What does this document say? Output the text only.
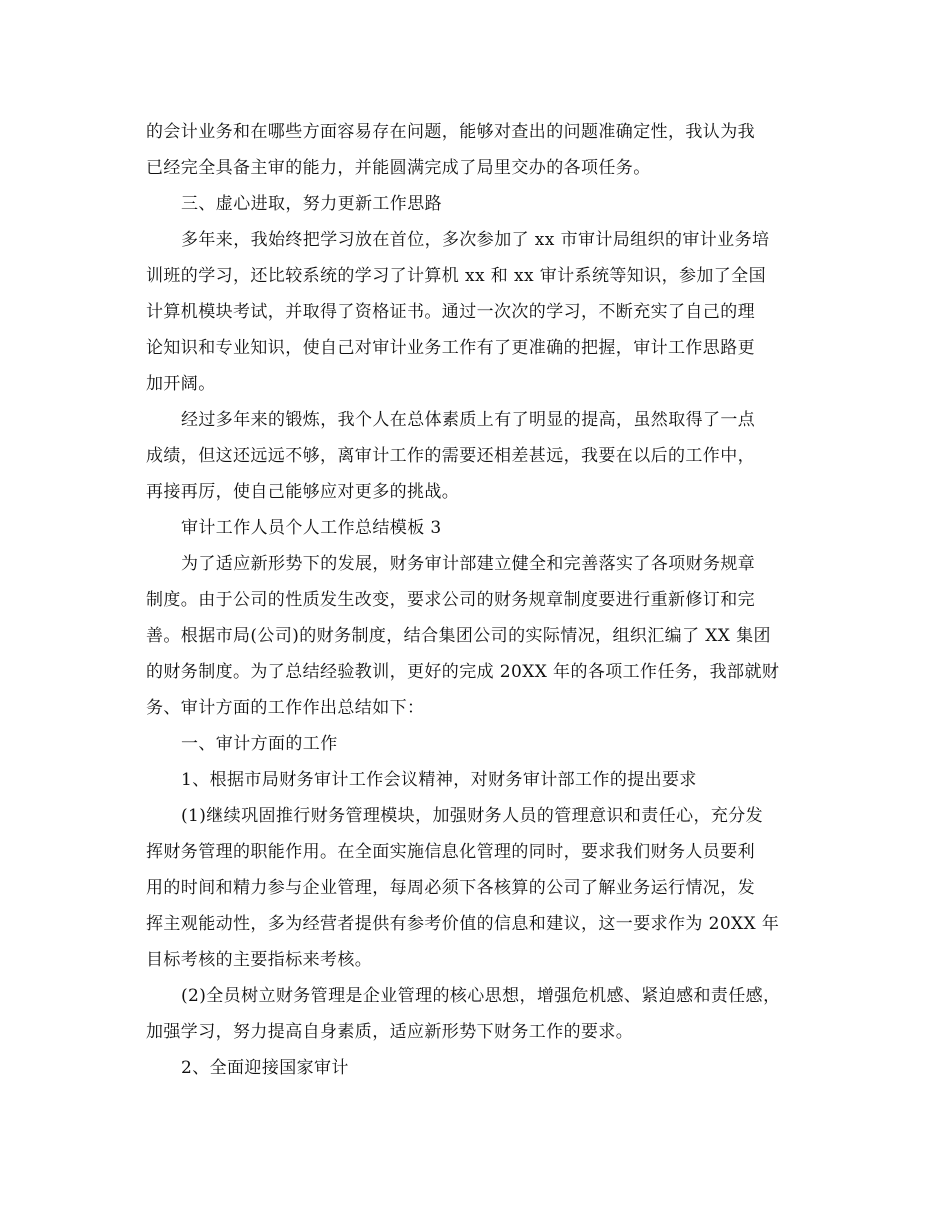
的会计业务和在哪些方面容易存在问题，能够对查出的问题准确定性，我认为我
已经完全具备主审的能力，并能圆满完成了局里交办的各项任务。
三、虚心进取，努力更新工作思路
多年来，我始终把学习放在首位，多次参加了 xx 市审计局组织的审计业务培
训班的学习，还比较系统的学习了计算机 xx 和 xx 审计系统等知识，参加了全国
计算机模块考试，并取得了资格证书。通过一次次的学习，不断充实了自己的理
论知识和专业知识，使自己对审计业务工作有了更准确的把握，审计工作思路更
加开阔。
经过多年来的锻炼，我个人在总体素质上有了明显的提高，虽然取得了一点
成绩，但这还远远不够，离审计工作的需要还相差甚远，我要在以后的工作中，
再接再厉，使自己能够应对更多的挑战。
审计工作人员个人工作总结模板 3
为了适应新形势下的发展，财务审计部建立健全和完善落实了各项财务规章
制度。由于公司的性质发生改变，要求公司的财务规章制度要进行重新修订和完
善。根据市局(公司)的财务制度，结合集团公司的实际情况，组织汇编了 XX 集团
的财务制度。为了总结经验教训，更好的完成 20XX 年的各项工作任务，我部就财
务、审计方面的工作作出总结如下：
一、审计方面的工作
1、根据市局财务审计工作会议精神，对财务审计部工作的提出要求
(1)继续巩固推行财务管理模块，加强财务人员的管理意识和责任心，充分发
挥财务管理的职能作用。在全面实施信息化管理的同时，要求我们财务人员要利
用的时间和精力参与企业管理，每周必须下各核算的公司了解业务运行情况，发
挥主观能动性，多为经营者提供有参考价值的信息和建议，这一要求作为 20XX 年
目标考核的主要指标来考核。
(2)全员树立财务管理是企业管理的核心思想，增强危机感、紧迫感和责任感，
加强学习，努力提高自身素质，适应新形势下财务工作的要求。
2、全面迎接国家审计
